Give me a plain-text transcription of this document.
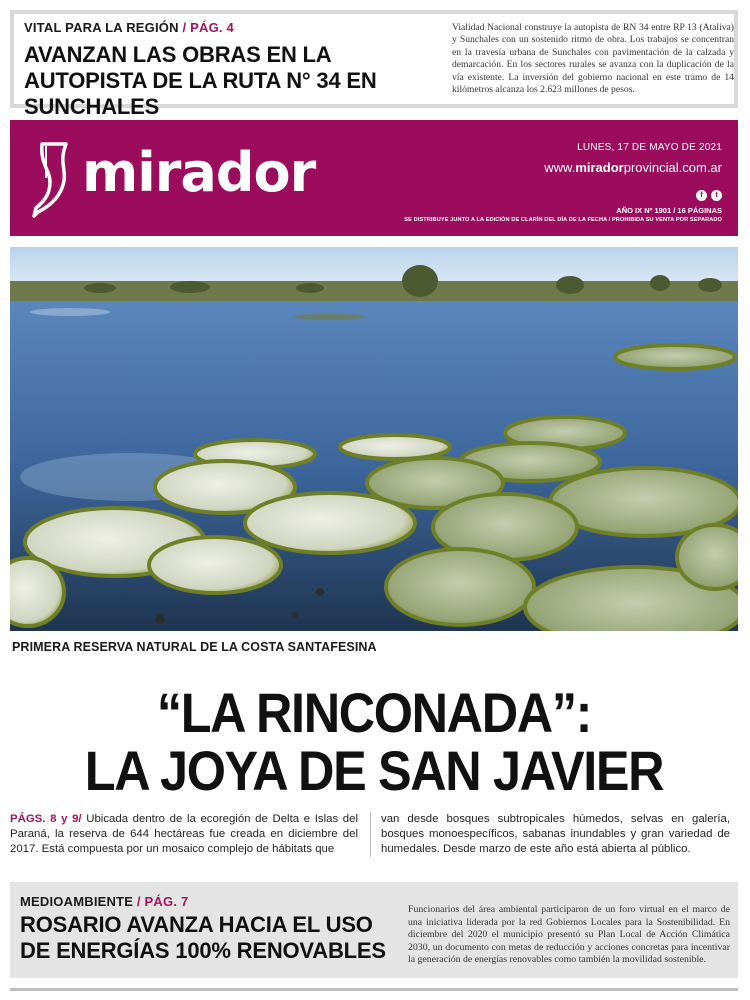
VITAL PARA LA REGIÓN / PÁG. 4
AVANZAN LAS OBRAS EN LA AUTOPISTA DE LA RUTA N° 34 EN SUNCHALES
Vialidad Nacional construye la autopista de RN 34 entre RP 13 (Ataliva) y Sunchales con un sostenido ritmo de obra. Los trabajos se concentran en la travesía urbana de Sunchales con pavimentación de la calzada y demarcación. En los sectores rurales se avanza con la duplicación de la vía existente. La inversión del gobierno nacional en este tramo de 14 kilómetros alcanza los 2.623 millones de pesos.
mirador	LUNES, 17 DE MAYO DE 2021
www.miradorprovincial.com.ar
f	t
AÑO IX Nº 1901 / 16 PÁGINAS
SE DISTRIBUYE JUNTO A LA EDICIÓN DE CLARÍN DEL DÍA DE LA FECHA / PROHIBIDA SU VENTA POR SEPARADO
PRIMERA RESERVA NATURAL DE LA COSTA SANTAFESINA
“LA RINCONADA”:
LA JOYA DE SAN JAVIER
PÁGS. 8 y 9/ Ubicada dentro de la ecoregión de Delta e Islas del Paraná, la reserva de 644 hectáreas fue creada en diciembre del 2017. Está compuesta por un mosaico complejo de hábitats que
van desde bosques subtropicales húmedos, selvas en galería, bosques monoespecíficos, sabanas inundables y gran variedad de humedales. Desde marzo de este año está abierta al público.
MEDIOAMBIENTE / PÁG. 7
ROSARIO AVANZA HACIA EL USO DE ENERGÍAS 100% RENOVABLES
Funcionarios del área ambiental participaron de un foro virtual en el marco de una iniciativa liderada por la red Gobiernos Locales para la Sostenibilidad. En diciembre del 2020 el municipio presentó su Plan Local de Acción Climática 2030, un documento con metas de reducción y acciones concretas para incentivar la generación de energías renovables como también la movilidad sostenible.
